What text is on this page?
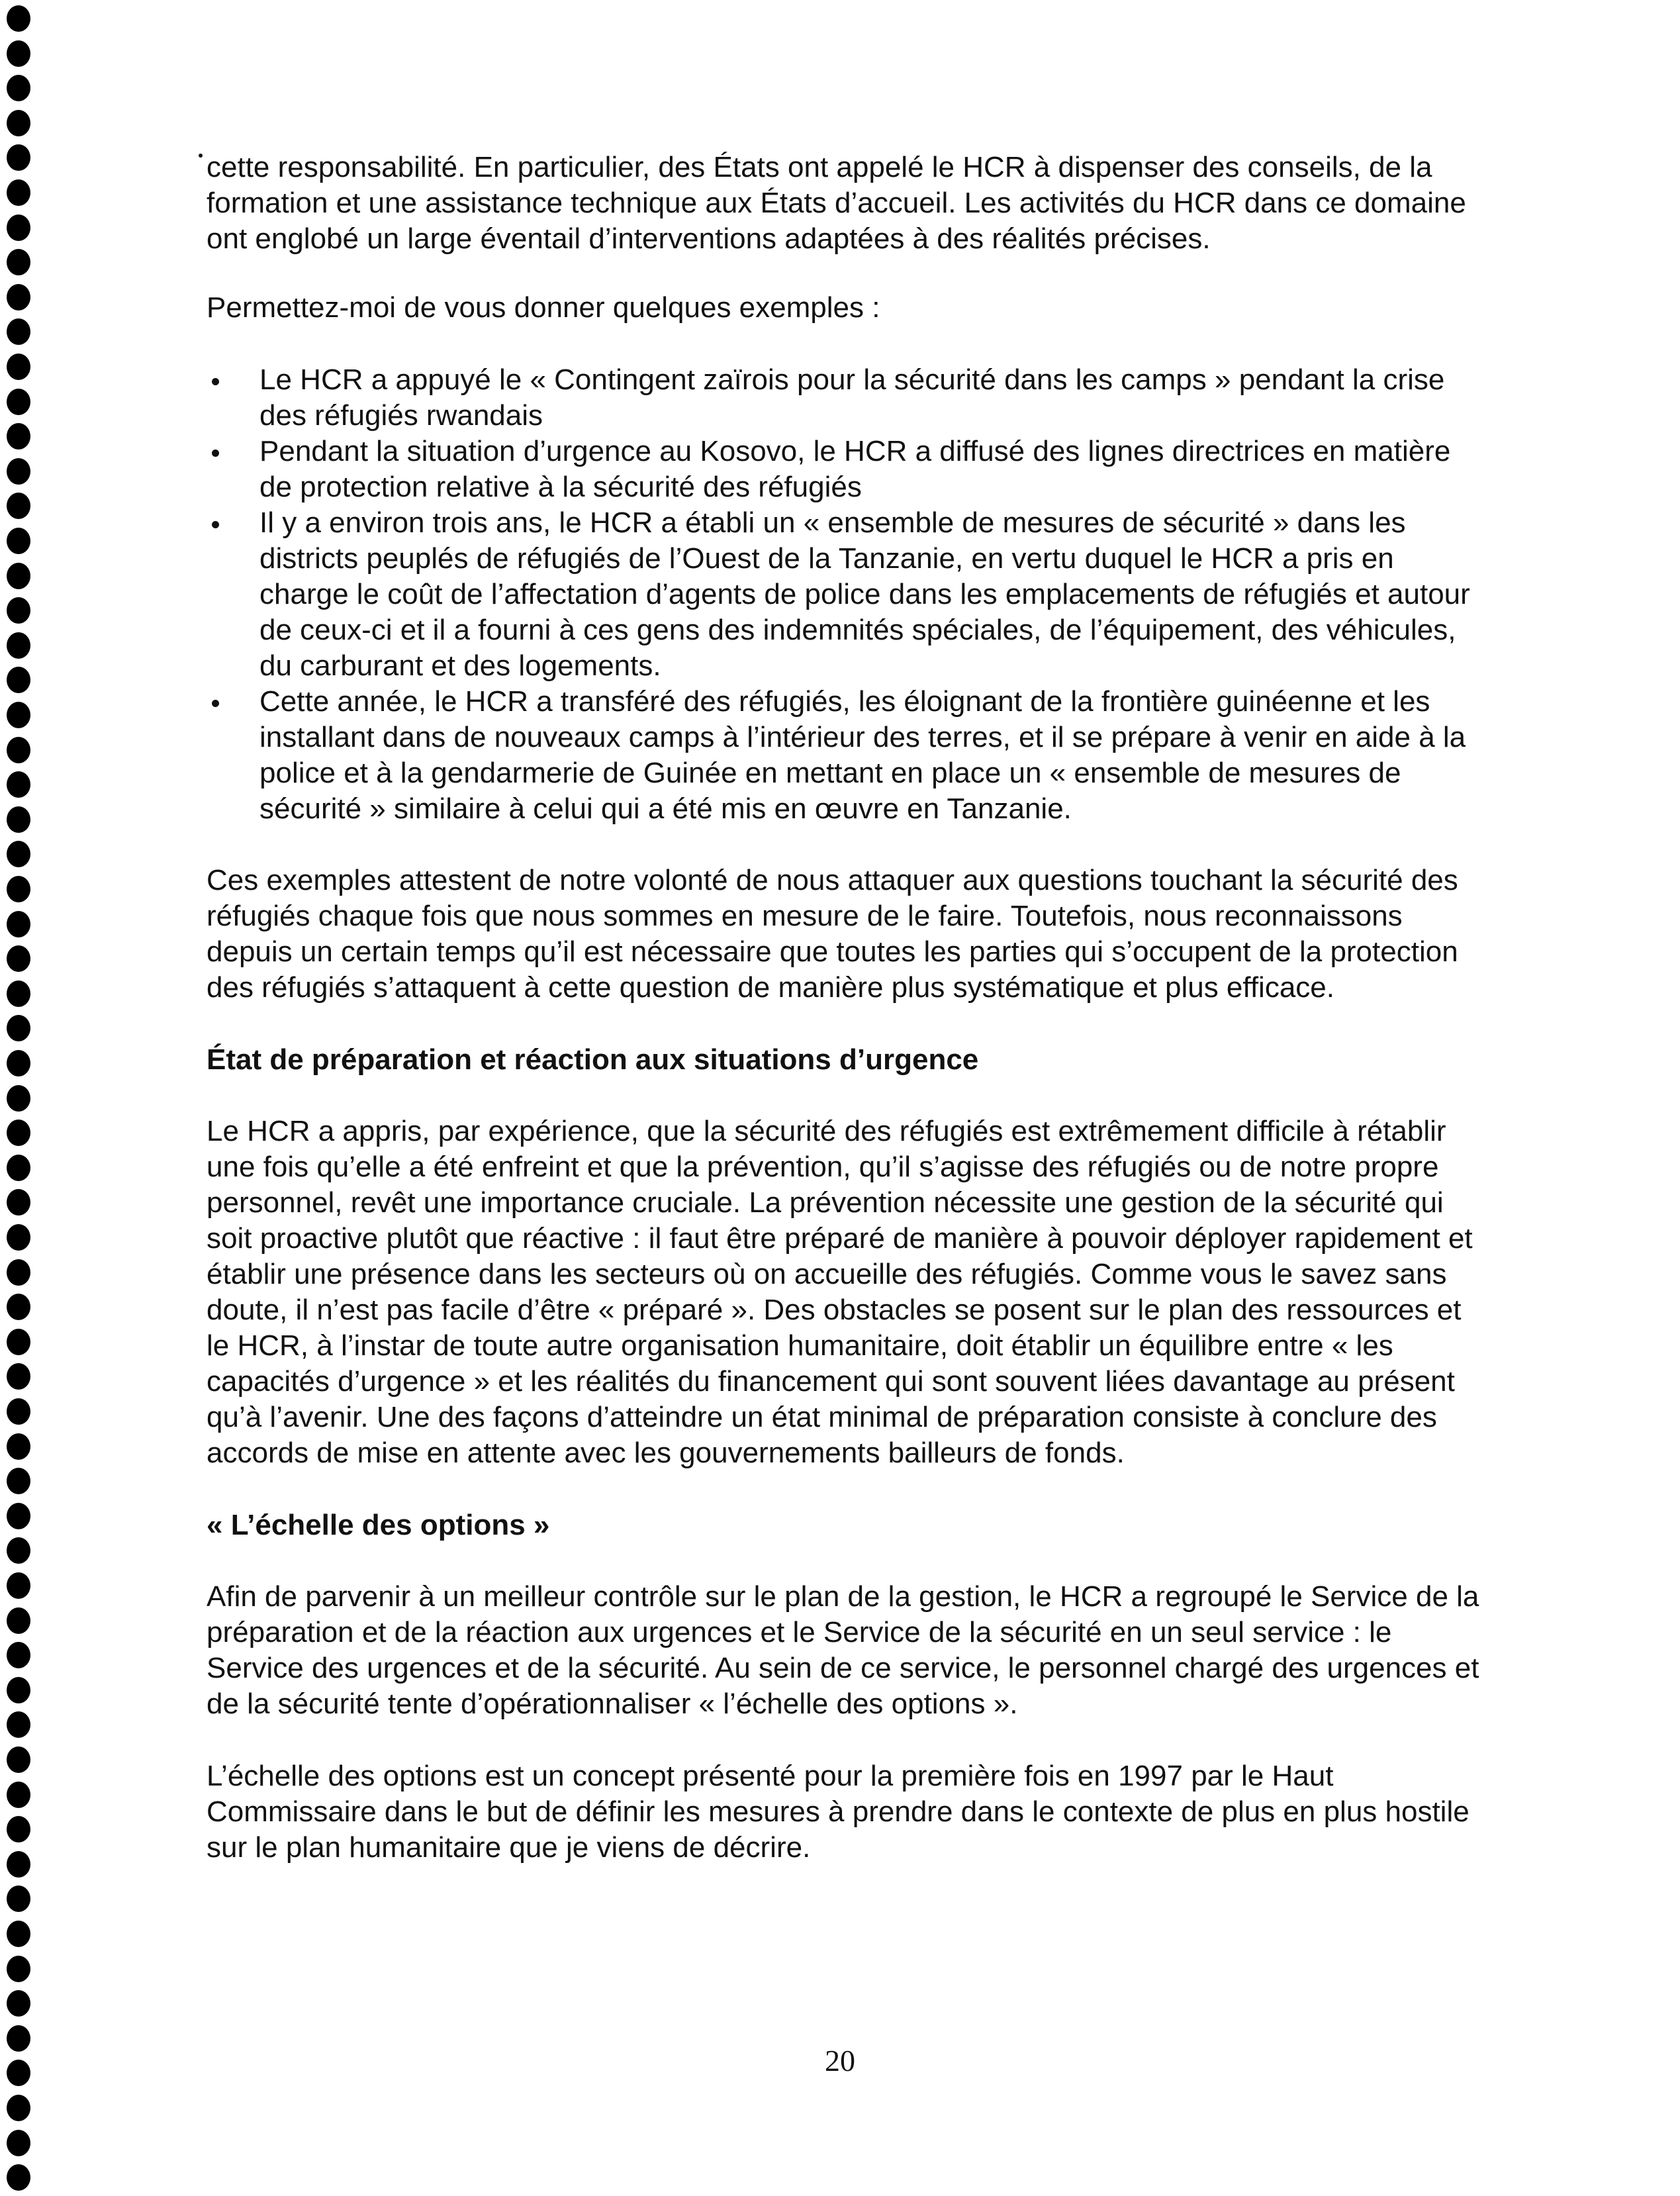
cette responsabilité. En particulier, des États ont appelé le HCR à dispenser des conseils, de la formation et une assistance technique aux États d’accueil. Les activités du HCR dans ce domaine ont englobé un large éventail d’interventions adaptées à des réalités précises.

Permettez-moi de vous donner quelques exemples :

Le HCR a appuyé le « Contingent zaïrois pour la sécurité dans les camps » pendant la crise des réfugiés rwandais
Pendant la situation d’urgence au Kosovo, le HCR a diffusé des lignes directrices en matière de protection relative à la sécurité des réfugiés
Il y a environ trois ans, le HCR a établi un « ensemble de mesures de sécurité » dans les districts peuplés de réfugiés de l’Ouest de la Tanzanie, en vertu duquel le HCR a pris en charge le coût de l’affectation d’agents de police dans les emplacements de réfugiés et autour de ceux-ci et il a fourni à ces gens des indemnités spéciales, de l’équipement, des véhicules, du carburant et des logements.
Cette année, le HCR a transféré des réfugiés, les éloignant de la frontière guinéenne et les installant dans de nouveaux camps à l’intérieur des terres, et il se prépare à venir en aide à la police et à la gendarmerie de Guinée en mettant en place un « ensemble de mesures de sécurité » similaire à celui qui a été mis en œuvre en Tanzanie.

Ces exemples attestent de notre volonté de nous attaquer aux questions touchant la sécurité des réfugiés chaque fois que nous sommes en mesure de le faire. Toutefois, nous reconnaissons depuis un certain temps qu’il est nécessaire que toutes les parties qui s’occupent de la protection des réfugiés s’attaquent à cette question de manière plus systématique et plus efficace.

État de préparation et réaction aux situations d’urgence

Le HCR a appris, par expérience, que la sécurité des réfugiés est extrêmement difficile à rétablir une fois qu’elle a été enfreint et que la prévention, qu’il s’agisse des réfugiés ou de notre propre personnel, revêt une importance cruciale. La prévention nécessite une gestion de la sécurité qui soit proactive plutôt que réactive : il faut être préparé de manière à pouvoir déployer rapidement et établir une présence dans les secteurs où on accueille des réfugiés. Comme vous le savez sans doute, il n’est pas facile d’être « préparé ». Des obstacles se posent sur le plan des ressources et le HCR, à l’instar de toute autre organisation humanitaire, doit établir un équilibre entre « les capacités d’urgence » et les réalités du financement qui sont souvent liées davantage au présent qu’à l’avenir. Une des façons d’atteindre un état minimal de préparation consiste à conclure des accords de mise en attente avec les gouvernements bailleurs de fonds.

« L’échelle des options »

Afin de parvenir à un meilleur contrôle sur le plan de la gestion, le HCR a regroupé le Service de la préparation et de la réaction aux urgences et le Service de la sécurité en un seul service : le Service des urgences et de la sécurité. Au sein de ce service, le personnel chargé des urgences et de la sécurité tente d’opérationnaliser « l’échelle des options ».

L’échelle des options est un concept présenté pour la première fois en 1997 par le Haut Commissaire dans le but de définir les mesures à prendre dans le contexte de plus en plus hostile sur le plan humanitaire que je viens de décrire.

20
